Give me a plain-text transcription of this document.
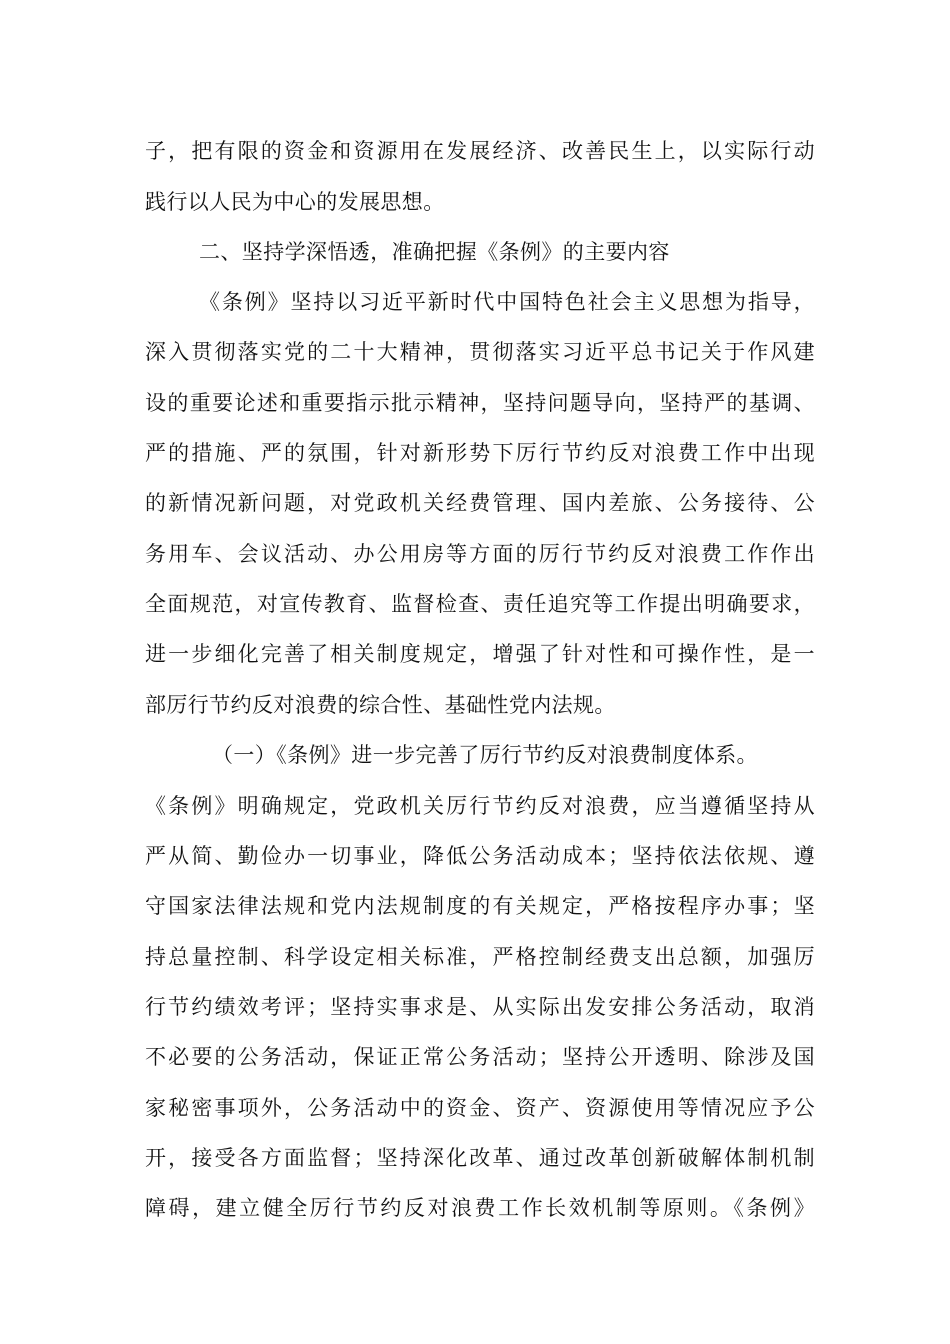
子，把有限的资金和资源用在发展经济、改善民生上，以实际行动
践行以人民为中心的发展思想。
二、坚持学深悟透，准确把握《条例》的主要内容
《条例》坚持以习近平新时代中国特色社会主义思想为指导，
深入贯彻落实党的二十大精神，贯彻落实习近平总书记关于作风建
设的重要论述和重要指示批示精神，坚持问题导向，坚持严的基调、
严的措施、严的氛围，针对新形势下厉行节约反对浪费工作中出现
的新情况新问题，对党政机关经费管理、国内差旅、公务接待、公
务用车、会议活动、办公用房等方面的厉行节约反对浪费工作作出
全面规范，对宣传教育、监督检查、责任追究等工作提出明确要求，
进一步细化完善了相关制度规定，增强了针对性和可操作性，是一
部厉行节约反对浪费的综合性、基础性党内法规。
（一）《条例》进一步完善了厉行节约反对浪费制度体系。
《条例》明确规定，党政机关厉行节约反对浪费，应当遵循坚持从
严从简、勤俭办一切事业，降低公务活动成本；坚持依法依规、遵
守国家法律法规和党内法规制度的有关规定，严格按程序办事；坚
持总量控制、科学设定相关标准，严格控制经费支出总额，加强厉
行节约绩效考评；坚持实事求是、从实际出发安排公务活动，取消
不必要的公务活动，保证正常公务活动；坚持公开透明、除涉及国
家秘密事项外，公务活动中的资金、资产、资源使用等情况应予公
开，接受各方面监督；坚持深化改革、通过改革创新破解体制机制
障碍，建立健全厉行节约反对浪费工作长效机制等原则。《条例》
